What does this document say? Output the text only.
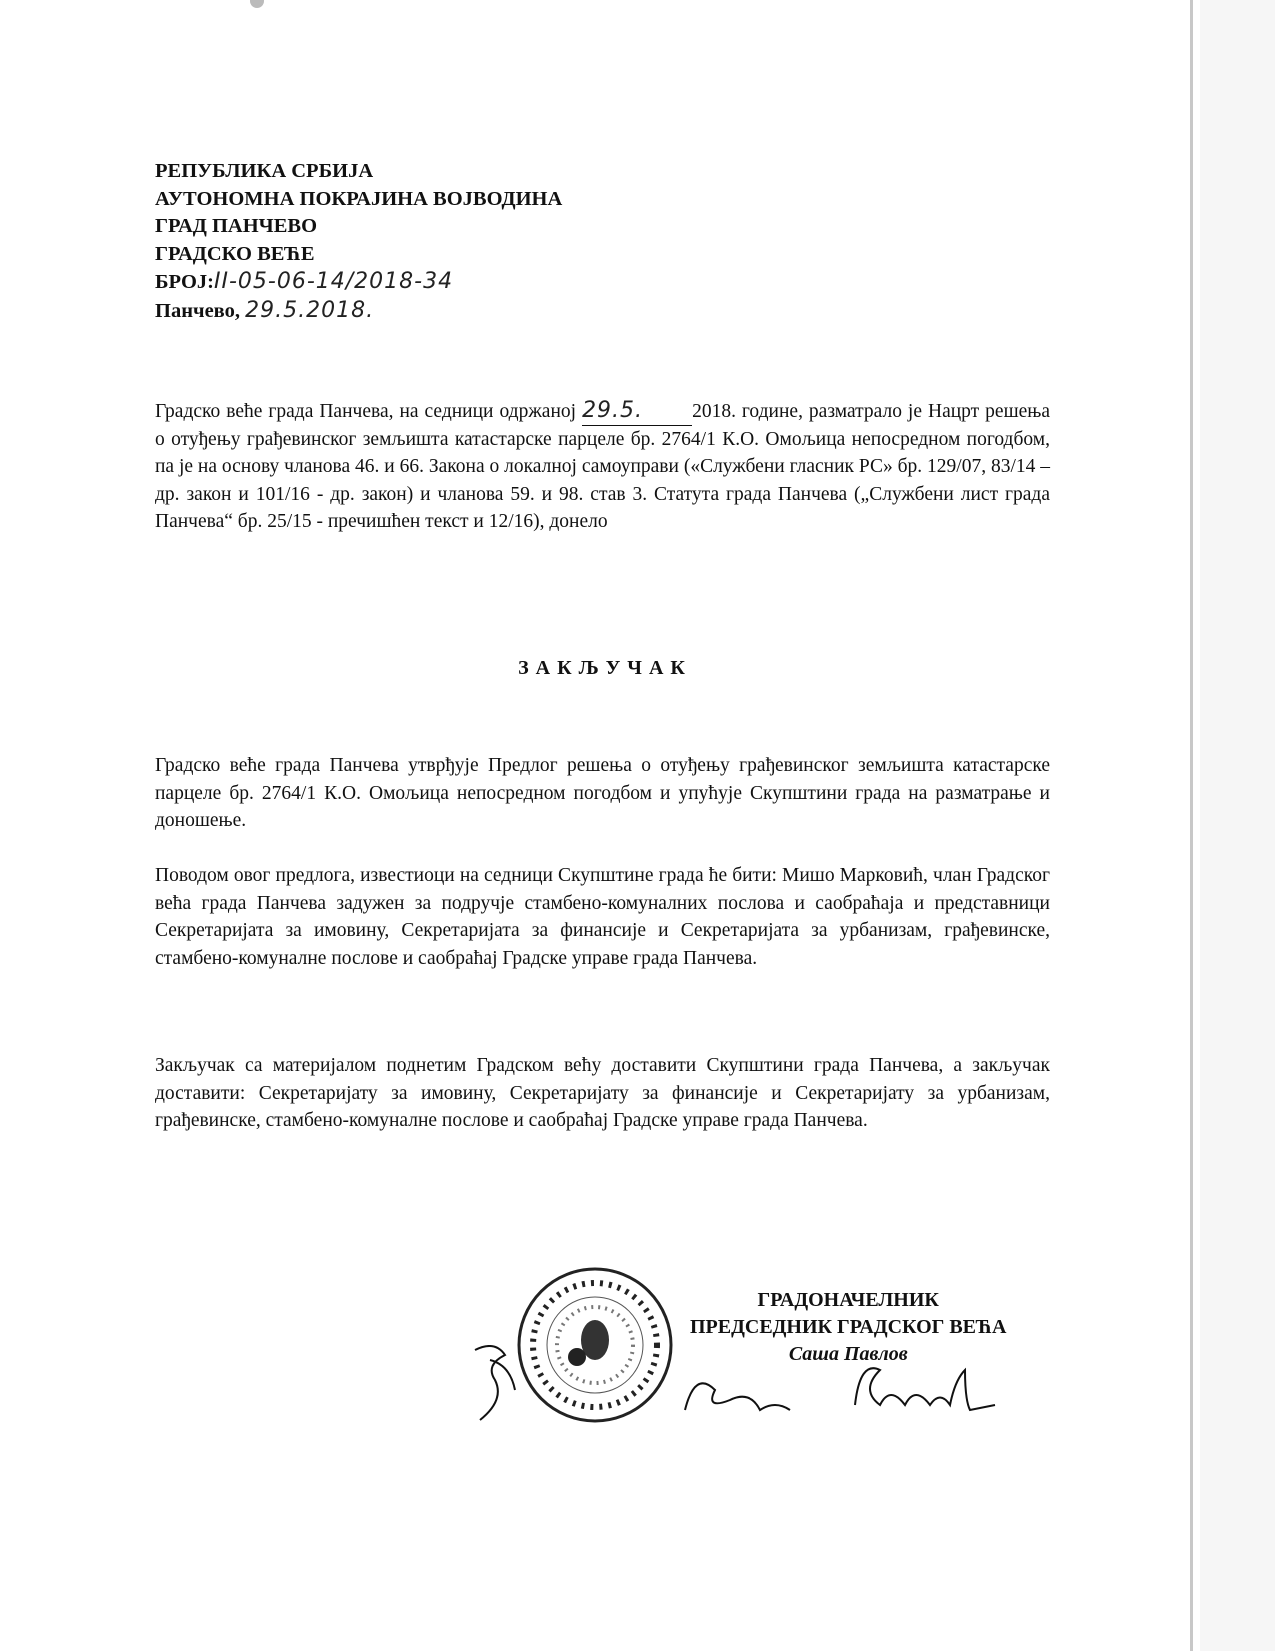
РЕПУБЛИКА СРБИЈА
АУТОНОМНА ПОКРАЈИНА ВОЈВОДИНА
ГРАД ПАНЧЕВО
ГРАДСКО ВЕЋЕ
БРОЈ:II-05-06-14/2018-34
Панчево, 29.5.2018.
Градско веће града Панчева, на седници одржаној 29.5.	2018. године, разматрало је Нацрт решења о отуђењу грађевинског земљишта катастарске парцеле бр. 2764/1 К.О. Омољица непосредном погодбом, па је на основу чланова 46. и 66. Закона о локалној самоуправи («Службени гласник РС» бр. 129/07, 83/14 – др. закон и 101/16 - др. закон) и чланова 59. и 98. став 3. Статута града Панчева („Службени лист града Панчева“ бр. 25/15 - пречишћен текст и 12/16), донело
ЗАКЉУЧАК
Градско веће града Панчева утврђује Предлог решења о отуђењу грађевинског земљишта катастарске парцеле бр. 2764/1 К.О. Омољица непосредном погодбом и упућује Скупштини града на разматрање и доношење.
Поводом овог предлога, известиоци на седници Скупштине града ће бити: Мишо Марковић, члан Градског већа града Панчева задужен за подручје стамбено-комуналних послова и саобраћаја и представници Секретаријата за имовину, Секретаријата за финансије и Секретаријата за урбанизам, грађевинске, стамбено-комуналне послове и саобраћај Градске управе града Панчева.
Закључак са материјалом поднетим Градском већу доставити Скупштини града Панчева, а закључак доставити: Секретаријату за имовину, Секретаријату за финансије и Секретаријату за урбанизам, грађевинске, стамбено-комуналне послове и саобраћај Градске управе града Панчева.
ГРАДОНАЧЕЛНИК
ПРЕДСЕДНИК ГРАДСКОГ ВЕЋА
Саша Павлов
